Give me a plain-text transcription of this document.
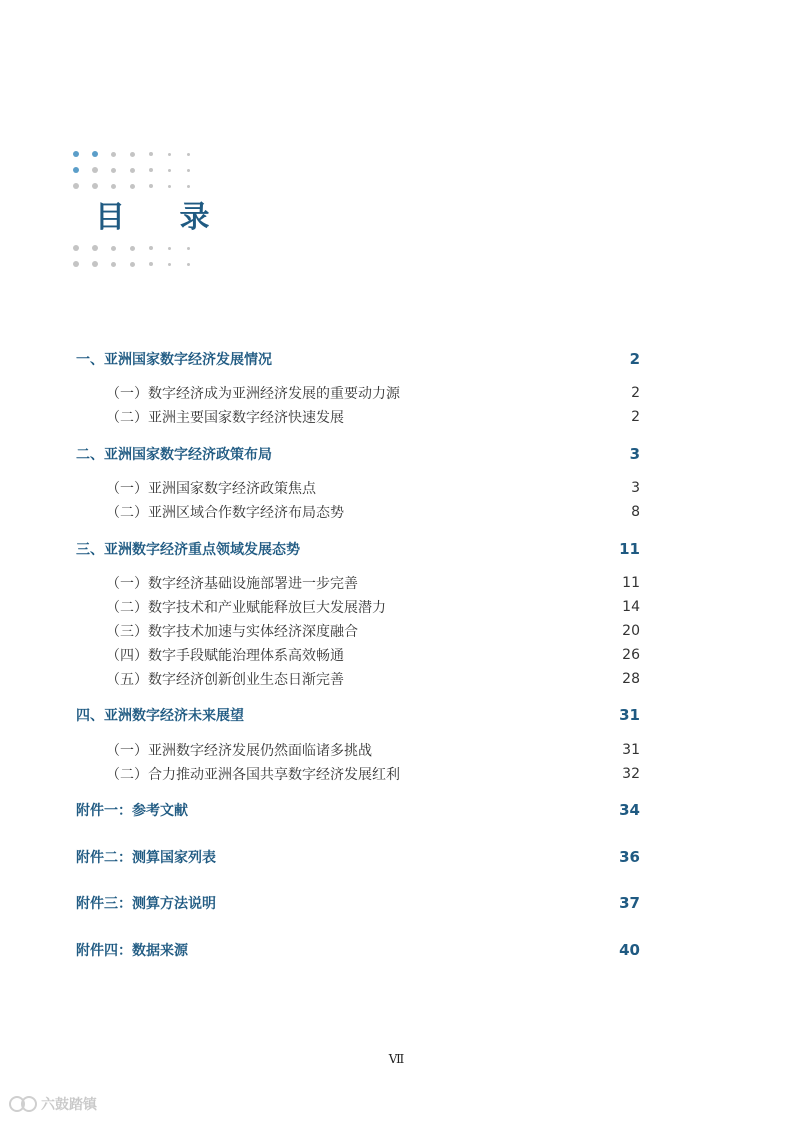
目 录
一、亚洲国家数字经济发展情况	2
（一）数字经济成为亚洲经济发展的重要动力源	2
（二）亚洲主要国家数字经济快速发展	2
二、亚洲国家数字经济政策布局	3
（一）亚洲国家数字经济政策焦点	3
（二）亚洲区域合作数字经济布局态势	8
三、亚洲数字经济重点领域发展态势	11
（一）数字经济基础设施部署进一步完善	11
（二）数字技术和产业赋能释放巨大发展潜力	14
（三）数字技术加速与实体经济深度融合	20
（四）数字手段赋能治理体系高效畅通	26
（五）数字经济创新创业生态日渐完善	28
四、亚洲数字经济未来展望	31
（一）亚洲数字经济发展仍然面临诸多挑战	31
（二）合力推动亚洲各国共享数字经济发展红利	32
附件一：参考文献	34
附件二：测算国家列表	36
附件三：测算方法说明	37
附件四：数据来源	40
Ⅶ
六鼓踏镇
